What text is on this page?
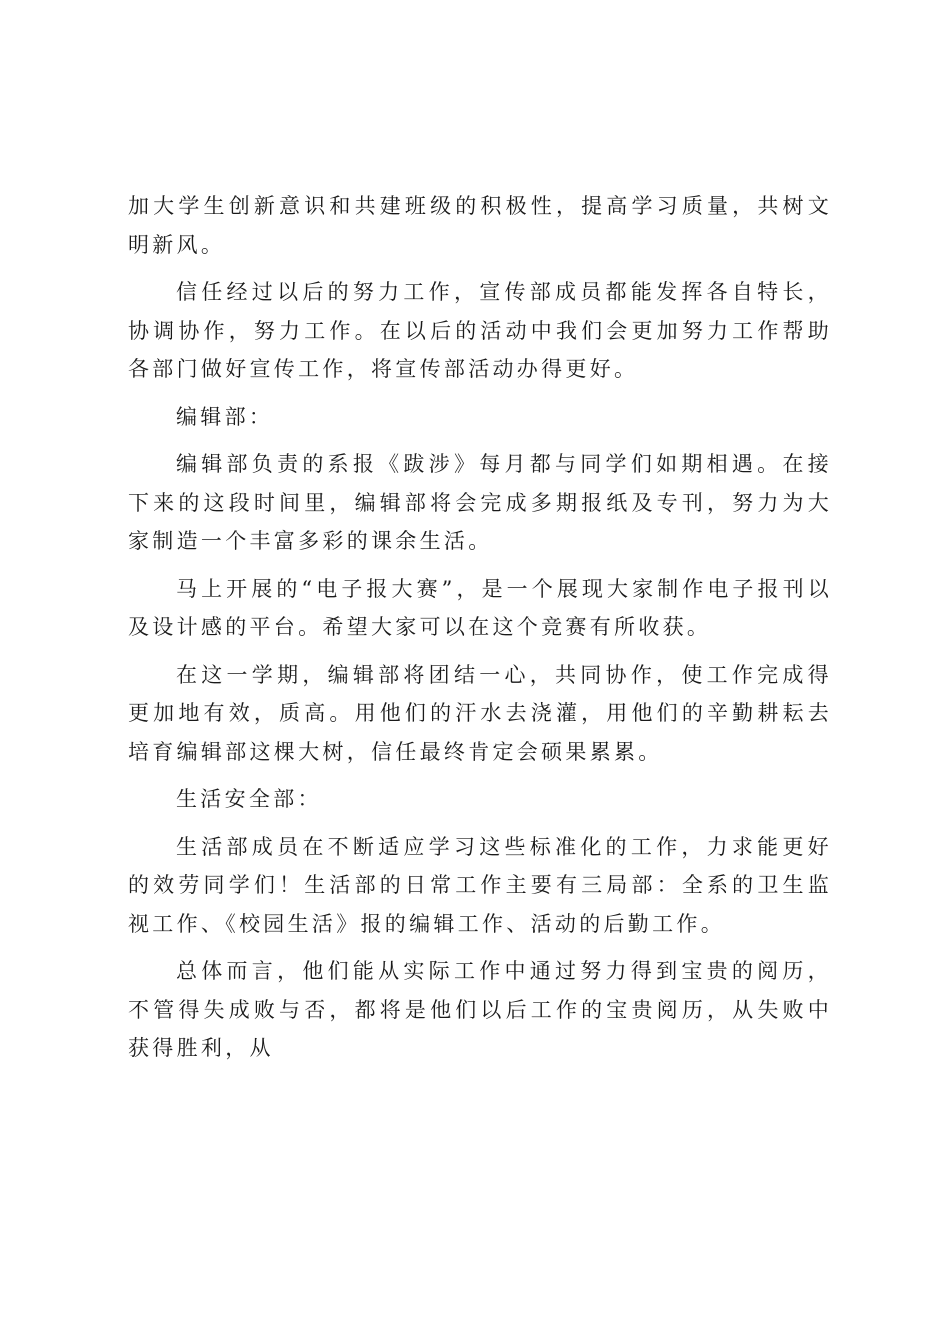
加大学生创新意识和共建班级的积极性，提高学习质量，共树文明新风。

信任经过以后的努力工作，宣传部成员都能发挥各自特长，协调协作，努力工作。在以后的活动中我们会更加努力工作帮助各部门做好宣传工作，将宣传部活动办得更好。

编辑部：

编辑部负责的系报《跋涉》每月都与同学们如期相遇。在接下来的这段时间里，编辑部将会完成多期报纸及专刊，努力为大家制造一个丰富多彩的课余生活。

马上开展的“电子报大赛”，是一个展现大家制作电子报刊以及设计感的平台。希望大家可以在这个竞赛有所收获。

在这一学期，编辑部将团结一心，共同协作，使工作完成得更加地有效，质高。用他们的汗水去浇灌，用他们的辛勤耕耘去培育编辑部这棵大树，信任最终肯定会硕果累累。

生活安全部：

生活部成员在不断适应学习这些标准化的工作，力求能更好的效劳同学们！生活部的日常工作主要有三局部：全系的卫生监视工作、《校园生活》报的编辑工作、活动的后勤工作。

总体而言，他们能从实际工作中通过努力得到宝贵的阅历，不管得失成败与否，都将是他们以后工作的宝贵阅历，从失败中获得胜利，从
